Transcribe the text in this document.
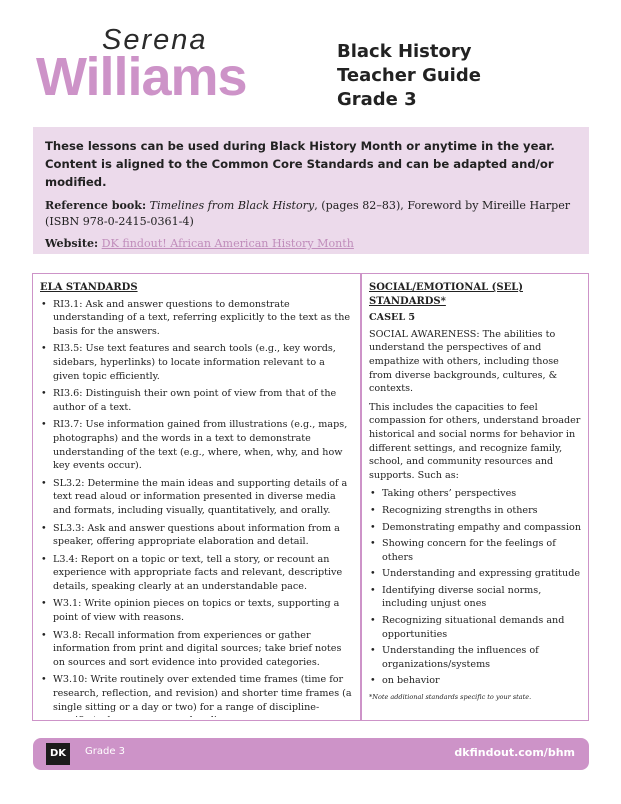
Serena
Williams	Black History
Teacher Guide
Grade 3
These lessons can be used during Black History Month or anytime in the year. Content is aligned to the Common Core Standards and can be adapted and/or modified.
Reference book: Timelines from Black History, (pages 82–83), Foreword by Mireille Harper (ISBN 978-0-2415-0361-4)
Website: DK findout! African American History Month
ELA STANDARDS
• RI3.1: Ask and answer questions to demonstrate understanding of a text, referring explicitly to the text as the basis for the answers.
• RI3.5: Use text features and search tools (e.g., key words, sidebars, hyperlinks) to locate information relevant to a given topic efficiently.
• RI3.6: Distinguish their own point of view from that of the author of a text.
• RI3.7: Use information gained from illustrations (e.g., maps, photographs) and the words in a text to demonstrate understanding of the text (e.g., where, when, why, and how key events occur).
• SL3.2: Determine the main ideas and supporting details of a text read aloud or information presented in diverse media and formats, including visually, quantitatively, and orally.
• SL3.3: Ask and answer questions about information from a speaker, offering appropriate elaboration and detail.
• L3.4: Report on a topic or text, tell a story, or recount an experience with appropriate facts and relevant, descriptive details, speaking clearly at an understandable pace.
• W3.1: Write opinion pieces on topics or texts, supporting a point of view with reasons.
• W3.8: Recall information from experiences or gather information from print and digital sources; take brief notes on sources and sort evidence into provided categories.
• W3.10: Write routinely over extended time frames (time for research, reflection, and revision) and shorter time frames (a single sitting or a day or two) for a range of discipline-
SOCIAL/EMOTIONAL (SEL) STANDARDS*
CASEL 5
SOCIAL AWARENESS: The abilities to understand the perspectives of and empathize with others, including those from diverse backgrounds, cultures, & contexts.
This includes the capacities to feel compassion for others, understand broader historical and social norms for behavior in different settings, and recognize family, school, and community resources and supports. Such as:
• Taking others’ perspectives
• Recognizing strengths in others
• Demonstrating empathy and compassion
• Showing concern for the feelings of others
• Understanding and expressing gratitude
• Identifying diverse social norms, including unjust ones
• Recognizing situational demands and opportunities
• Understanding the influences of organizations/systems
• on behavior
*Note additional standards specific to your state.
DK	Grade 3	dkfindout.com/bhm
